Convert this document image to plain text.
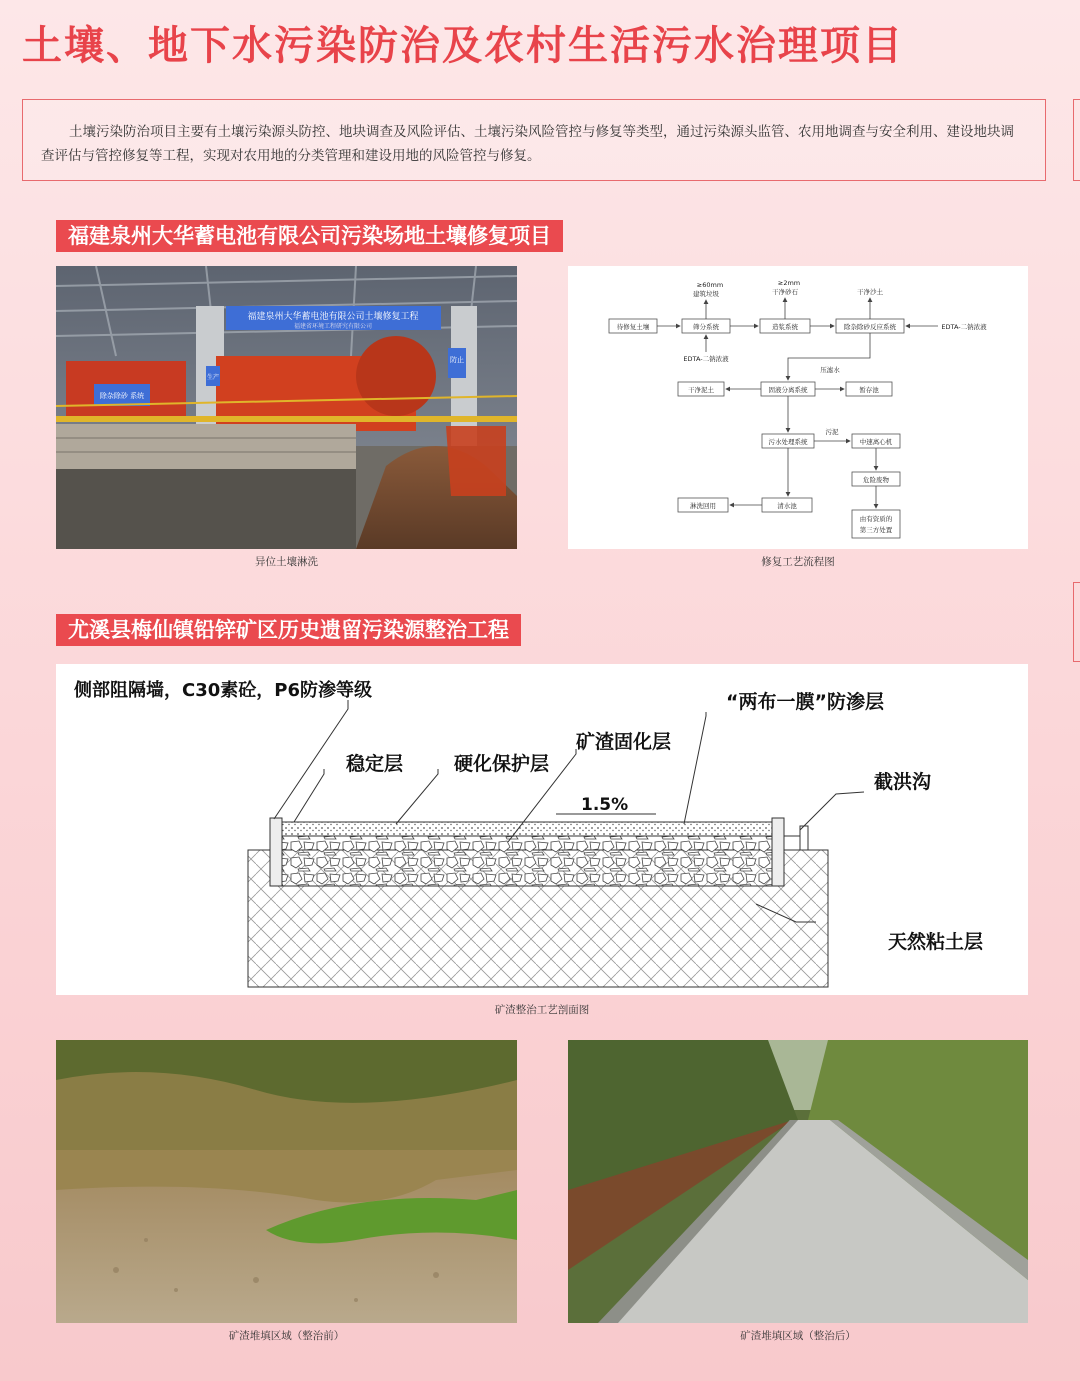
土壤、地下水污染防治及农村生活污水治理项目

土壤污染防治项目主要有土壤污染源头防控、地块调查及风险评估、土壤污染风险管控与修复等类型，通过污染源头监管、农用地调查与安全利用、建设地块调查评估与管控修复等工程，实现对农用地的分类管理和建设用地的风险管控与修复。

福建泉州大华蓄电池有限公司污染场地土壤修复项目
福建泉州大华蓄电池有限公司土壤修复工程
福建省环境工程研究有限公司
除杂除砂 系统
防止
生产
异位土壤淋洗
待修复土壤	筛分系统	造浆系统	除杂除砂反应系统
干净泥土	固液分离系统	暂存池
污水处理系统	中速离心机
危险废物
由有资质的
第三方处置
淋洗回用	清水池
≥60mm
建筑垃圾
≥2mm
干净砂石	干净沙土
EDTA-二钠浓液
EDTA-二钠浓液
压滤水
污泥
修复工艺流程图
尤溪县梅仙镇铅锌矿区历史遗留污染源整治工程
侧部阻隔墙，C30素砼，P6防渗等级
稳定层	硬化保护层
矿渣固化层
“两布一膜”防渗层
截洪沟
1.5%
天然粘土层
矿渣整治工艺剖面图
矿渣堆填区域（整治前）	矿渣堆填区域（整治后）
